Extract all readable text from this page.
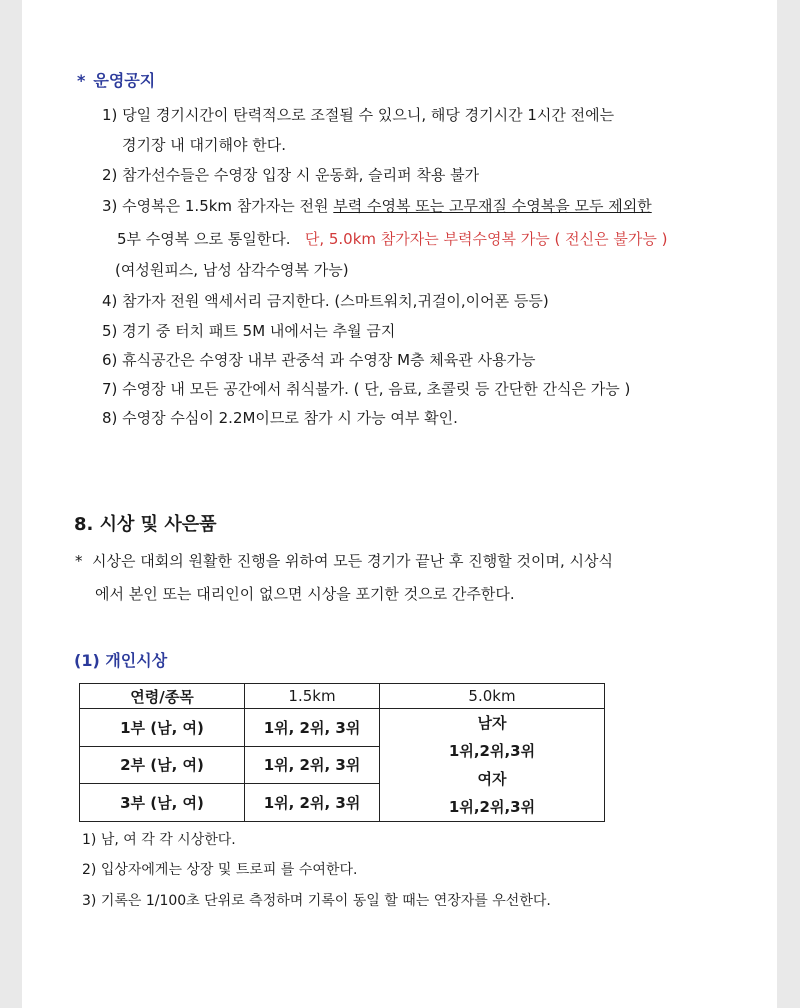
* 운영공지
1) 당일 경기시간이 탄력적으로 조절될 수 있으니, 해당 경기시간 1시간 전에는
경기장 내 대기해야 한다.
2) 참가선수들은 수영장 입장 시 운동화, 슬리퍼 착용 불가
3) 수영복은 1.5km 참가자는 전원 부력 수영복 또는 고무재질 수영복을 모두 제외한
5부 수영복 으로 통일한다. 단, 5.0km 참가자는 부력수영복 가능 ( 전신은 불가능 )
(여성원피스, 남성 삼각수영복 가능)
4) 참가자 전원 액세서리 금지한다. (스마트워치,귀걸이,이어폰 등등)
5) 경기 중 터치 패트 5M 내에서는 추월 금지
6) 휴식공간은 수영장 내부 관중석 과 수영장 M층 체육관 사용가능
7) 수영장 내 모든 공간에서 취식불가. ( 단, 음료, 초콜릿 등 간단한 간식은 가능 )
8) 수영장 수심이 2.2M이므로 참가 시 가능 여부 확인.
8. 시상 및 사은품
* 시상은 대회의 원활한 진행을 위하여 모든 경기가 끝난 후 진행할 것이며, 시상식
에서 본인 또는 대리인이 없으면 시상을 포기한 것으로 간주한다.
(1) 개인시상
연령/종목	1.5km	5.0km
1부 (남, 여)	1위, 2위, 3위	남자
1위,2위,3위
여자
1위,2위,3위

2부 (남, 여)	1위, 2위, 3위	
3부 (남, 여)	1위, 2위, 3위	
1) 남, 여 각 각 시상한다.
2) 입상자에게는 상장 및 트로피 를 수여한다.
3) 기록은 1/100초 단위로 측정하며 기록이 동일 할 때는 연장자를 우선한다.
